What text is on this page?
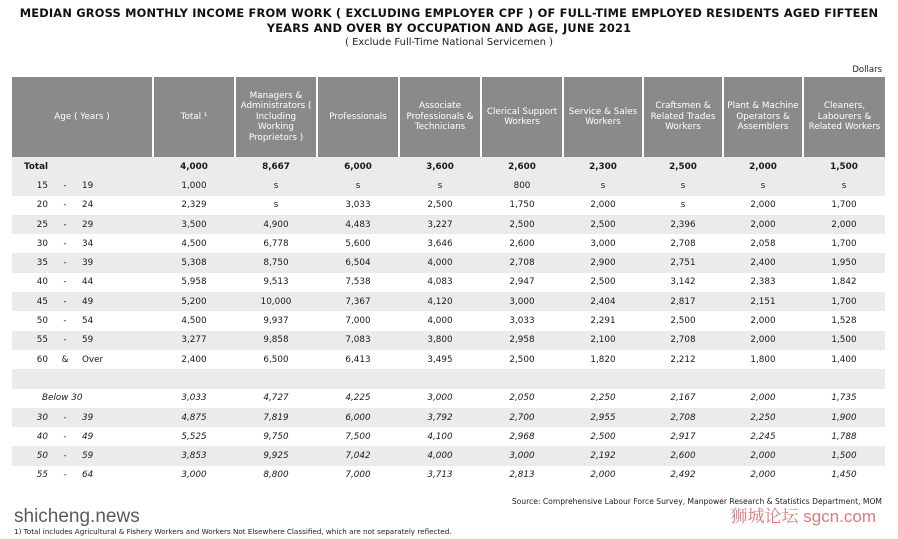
MEDIAN GROSS MONTHLY INCOME FROM WORK ( EXCLUDING EMPLOYER CPF ) OF FULL-TIME EMPLOYED RESIDENTS AGED FIFTEEN
YEARS AND OVER BY OCCUPATION AND AGE, JUNE 2021
( Exclude Full-Time National Servicemen )
Dollars
Age ( Years )	Total ¹	Managers & Administrators ( Including Working Proprietors )	Professionals	Associate Professionals & Technicians	Clerical Support Workers	Service & Sales Workers	Craftsmen & Related Trades Workers	Plant & Machine Operators & Assemblers	Cleaners, Labourers & Related Workers
Total	4,000	8,667	6,000	3,600	2,600	2,300	2,500	2,000	1,500
15 - 19	1,000	s	s	s	800	s	s	s	s
20 - 24	2,329	s	3,033	2,500	1,750	2,000	s	2,000	1,700
25 - 29	3,500	4,900	4,483	3,227	2,500	2,500	2,396	2,000	2,000
30 - 34	4,500	6,778	5,600	3,646	2,600	3,000	2,708	2,058	1,700
35 - 39	5,308	8,750	6,504	4,000	2,708	2,900	2,751	2,400	1,950
40 - 44	5,958	9,513	7,538	4,083	2,947	2,500	3,142	2,383	1,842
45 - 49	5,200	10,000	7,367	4,120	3,000	2,404	2,817	2,151	1,700
50 - 54	4,500	9,937	7,000	4,000	3,033	2,291	2,500	2,000	1,528
55 - 59	3,277	9,858	7,083	3,800	2,958	2,100	2,708	2,000	1,500
60 & Over	2,400	6,500	6,413	3,495	2,500	1,820	2,212	1,800	1,400

Below 30	3,033	4,727	4,225	3,000	2,050	2,250	2,167	2,000	1,735
30 - 39	4,875	7,819	6,000	3,792	2,700	2,955	2,708	2,250	1,900
40 - 49	5,525	9,750	7,500	4,100	2,968	2,500	2,917	2,245	1,788
50 - 59	3,853	9,925	7,042	4,000	3,000	2,192	2,600	2,000	1,500
55 - 64	3,000	8,800	7,000	3,713	2,813	2,000	2,492	2,000	1,450
Source: Comprehensive Labour Force Survey, Manpower Research & Statistics Department, MOM
shicheng.news	狮城论坛 sgcn.com
1) Total includes Agricultural & Fishery Workers and Workers Not Elsewhere Classified, which are not separately reflected.
